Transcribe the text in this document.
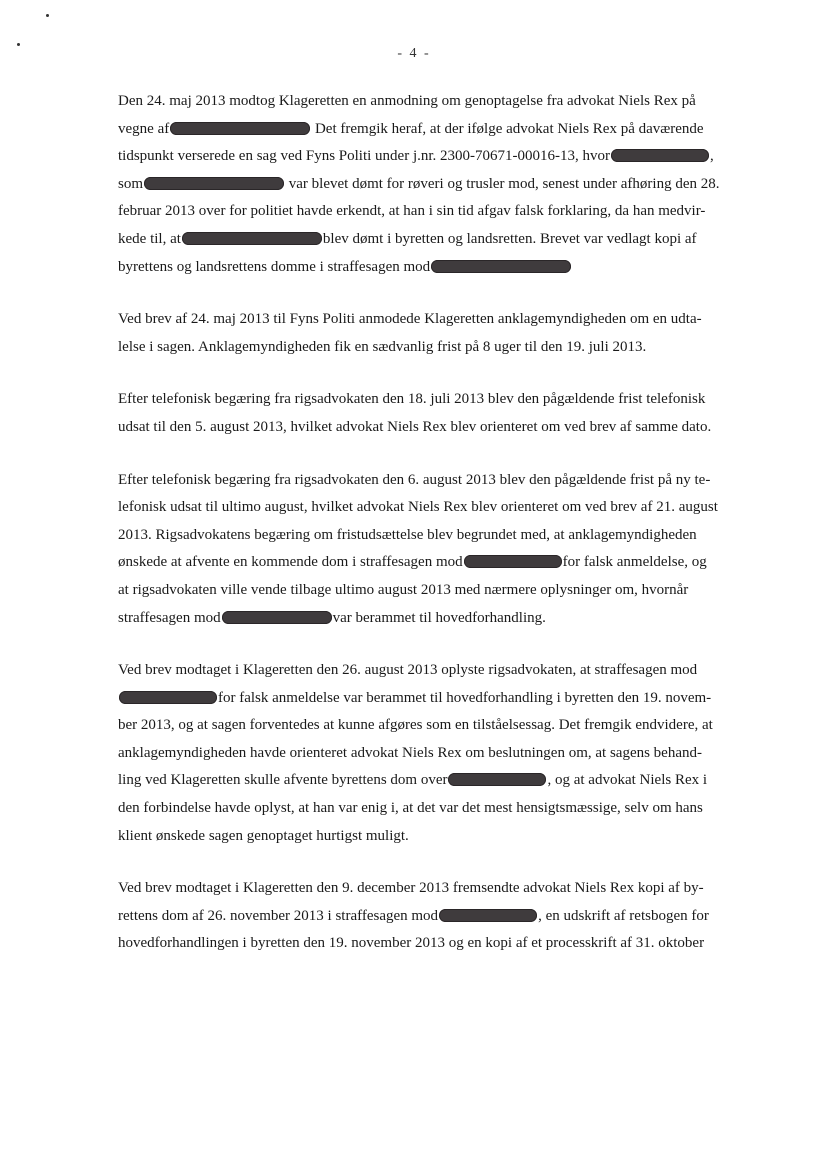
- 4 -
Den 24. maj 2013 modtog Klageretten en anmodning om genoptagelse fra advokat Niels Rex på
vegne af	Det fremgik heraf, at der ifølge advokat Niels Rex på daværende
tidspunkt verserede en sag ved Fyns Politi under j.nr. 2300-70671-00016-13, hvor	,
som	var blevet dømt for røveri og trusler mod, senest under afhøring den 28.
februar 2013 over for politiet havde erkendt, at han i sin tid afgav falsk forklaring, da han medvir-
kede til, at	blev dømt i byretten og landsretten. Brevet var vedlagt kopi af
byrettens og landsrettens domme i straffesagen mod
Ved brev af 24. maj 2013 til Fyns Politi anmodede Klageretten anklagemyndigheden om en udta-
lelse i sagen. Anklagemyndigheden fik en sædvanlig frist på 8 uger til den 19. juli 2013.
Efter telefonisk begæring fra rigsadvokaten den 18. juli 2013 blev den pågældende frist telefonisk
udsat til den 5. august 2013, hvilket advokat Niels Rex blev orienteret om ved brev af samme dato.
Efter telefonisk begæring fra rigsadvokaten den 6. august 2013 blev den pågældende frist på ny te-
lefonisk udsat til ultimo august, hvilket advokat Niels Rex blev orienteret om ved brev af 21. august
2013. Rigsadvokatens begæring om fristudsættelse blev begrundet med, at anklagemyndigheden
ønskede at afvente en kommende dom i straffesagen mod	for falsk anmeldelse, og
at rigsadvokaten ville vende tilbage ultimo august 2013 med nærmere oplysninger om, hvornår
straffesagen mod	var berammet til hovedforhandling.
Ved brev modtaget i Klageretten den 26. august 2013 oplyste rigsadvokaten, at straffesagen mod
for falsk anmeldelse var berammet til hovedforhandling i byretten den 19. novem-
ber 2013, og at sagen forventedes at kunne afgøres som en tilståelsessag. Det fremgik endvidere, at
anklagemyndigheden havde orienteret advokat Niels Rex om beslutningen om, at sagens behand-
ling ved Klageretten skulle afvente byrettens dom over	, og at advokat Niels Rex i
den forbindelse havde oplyst, at han var enig i, at det var det mest hensigtsmæssige, selv om hans
klient ønskede sagen genoptaget hurtigst muligt.
Ved brev modtaget i Klageretten den 9. december 2013 fremsendte advokat Niels Rex kopi af by-
rettens dom af 26. november 2013 i straffesagen mod	, en udskrift af retsbogen for
hovedforhandlingen i byretten den 19. november 2013 og en kopi af et processkrift af 31. oktober
